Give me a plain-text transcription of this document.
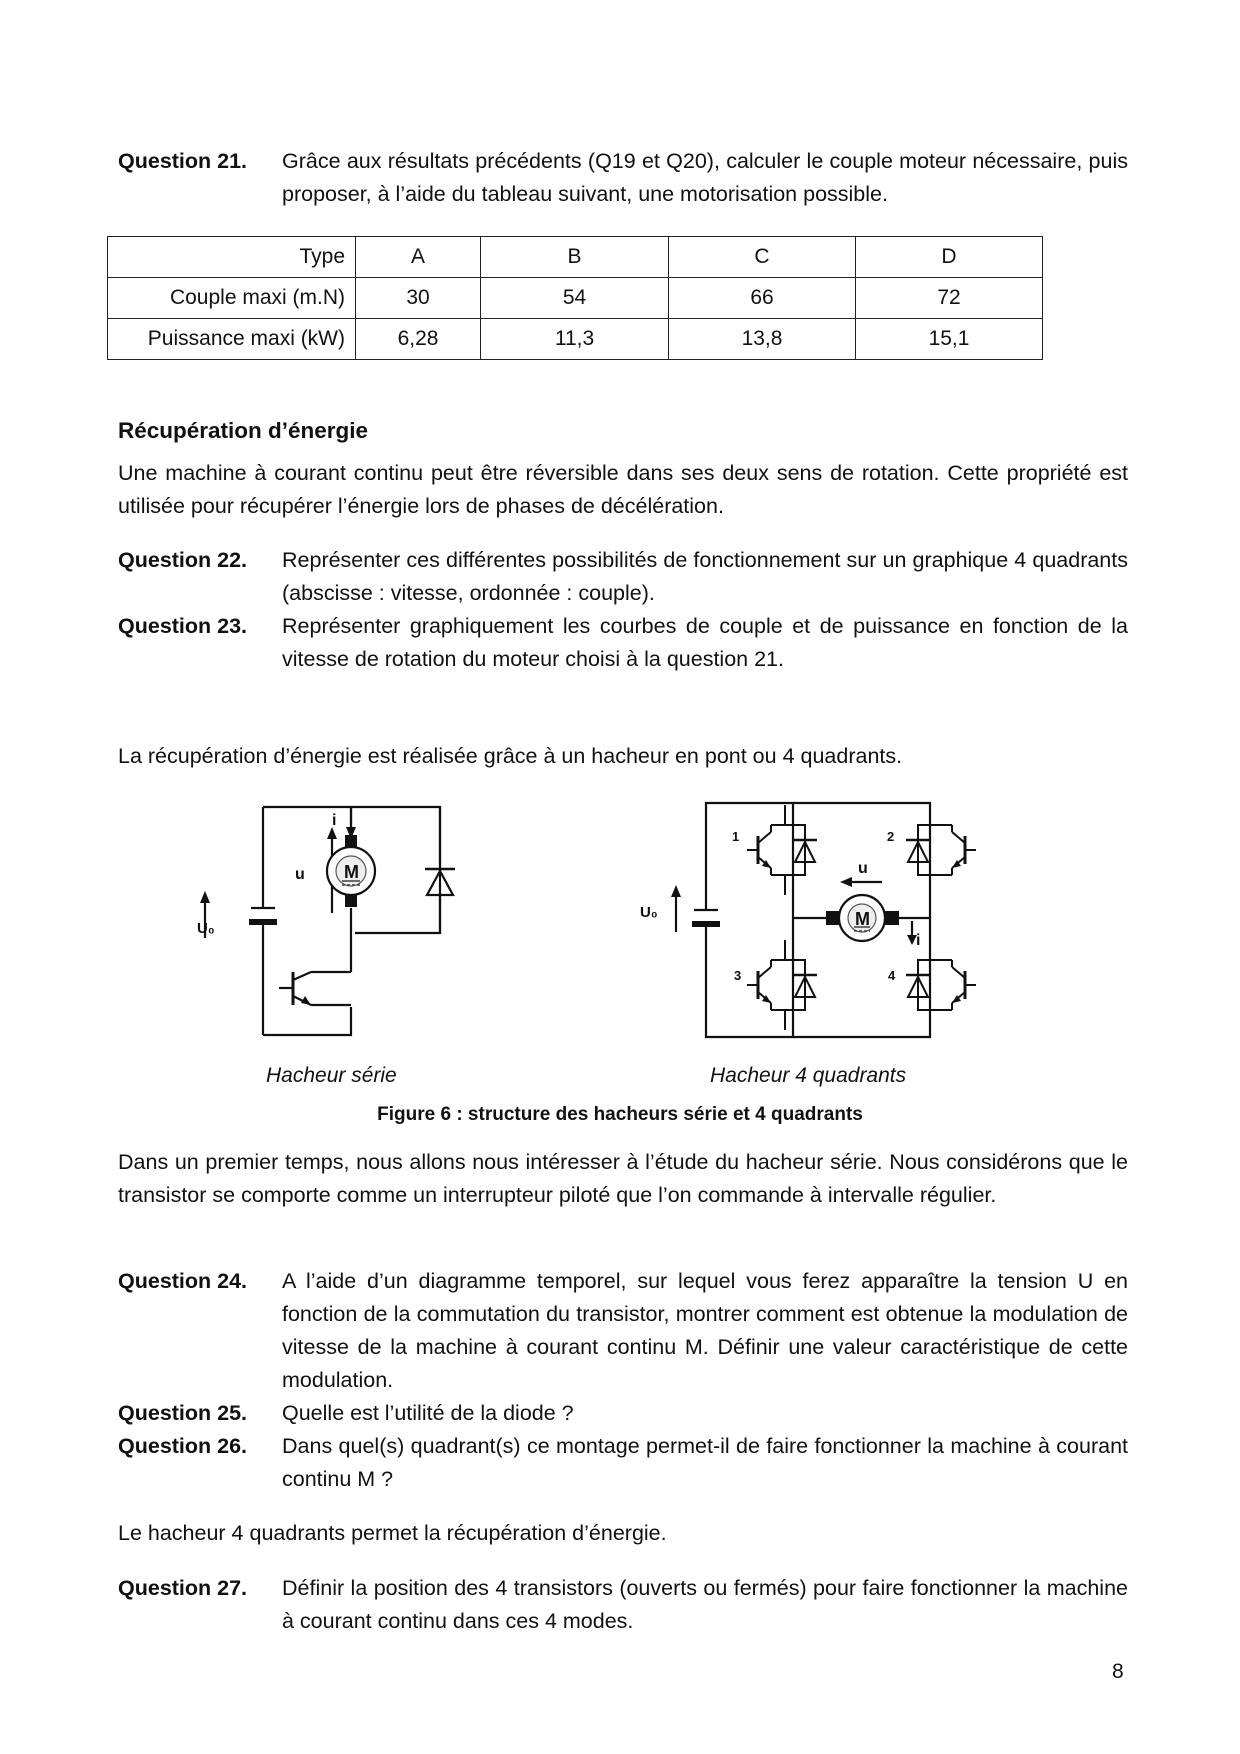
Question 21.	Grâce aux résultats précédents (Q19 et Q20), calculer le couple moteur nécessaire, puis proposer, à l’aide du tableau suivant, une motorisation possible.
Type	A	B	C	D
Couple maxi (m.N)	30	54	66	72
Puissance maxi (kW)	6,28	11,3	13,8	15,1
Récupération d’énergie
Une machine à courant continu peut être réversible dans ses deux sens de rotation. Cette propriété est utilisée pour récupérer l’énergie lors de phases de décélération.
Question 22.	Représenter ces différentes possibilités de fonctionnement sur un graphique 4 quadrants (abscisse : vitesse, ordonnée : couple).
Question 23.	Représenter graphiquement les courbes de couple et de puissance en fonction de la vitesse de rotation du moteur choisi à la question 21.
La récupération d’énergie est réalisée grâce à un hacheur en pont ou 4 quadrants.
M
U₀
u
i
M
U₀
u
i
1	2
3	4
Hacheur série	Hacheur 4 quadrants
Figure 6 : structure des hacheurs série et 4 quadrants
Dans un premier temps, nous allons nous intéresser à l’étude du hacheur série. Nous considérons que le transistor se comporte comme un interrupteur piloté que l’on commande à intervalle régulier.
Question 24.	A l’aide d’un diagramme temporel, sur lequel vous ferez apparaître la tension U en fonction de la commutation du transistor, montrer comment est obtenue la modulation de vitesse de la machine à courant continu M. Définir une valeur caractéristique de cette modulation.
Question 25.	Quelle est l’utilité de la diode ?
Question 26.	Dans quel(s) quadrant(s) ce montage permet-il de faire fonctionner la machine à courant continu M ?
Le hacheur 4 quadrants permet la récupération d’énergie.
Question 27.	Définir la position des 4 transistors (ouverts ou fermés) pour faire fonctionner la machine à courant continu dans ces 4 modes.
8
